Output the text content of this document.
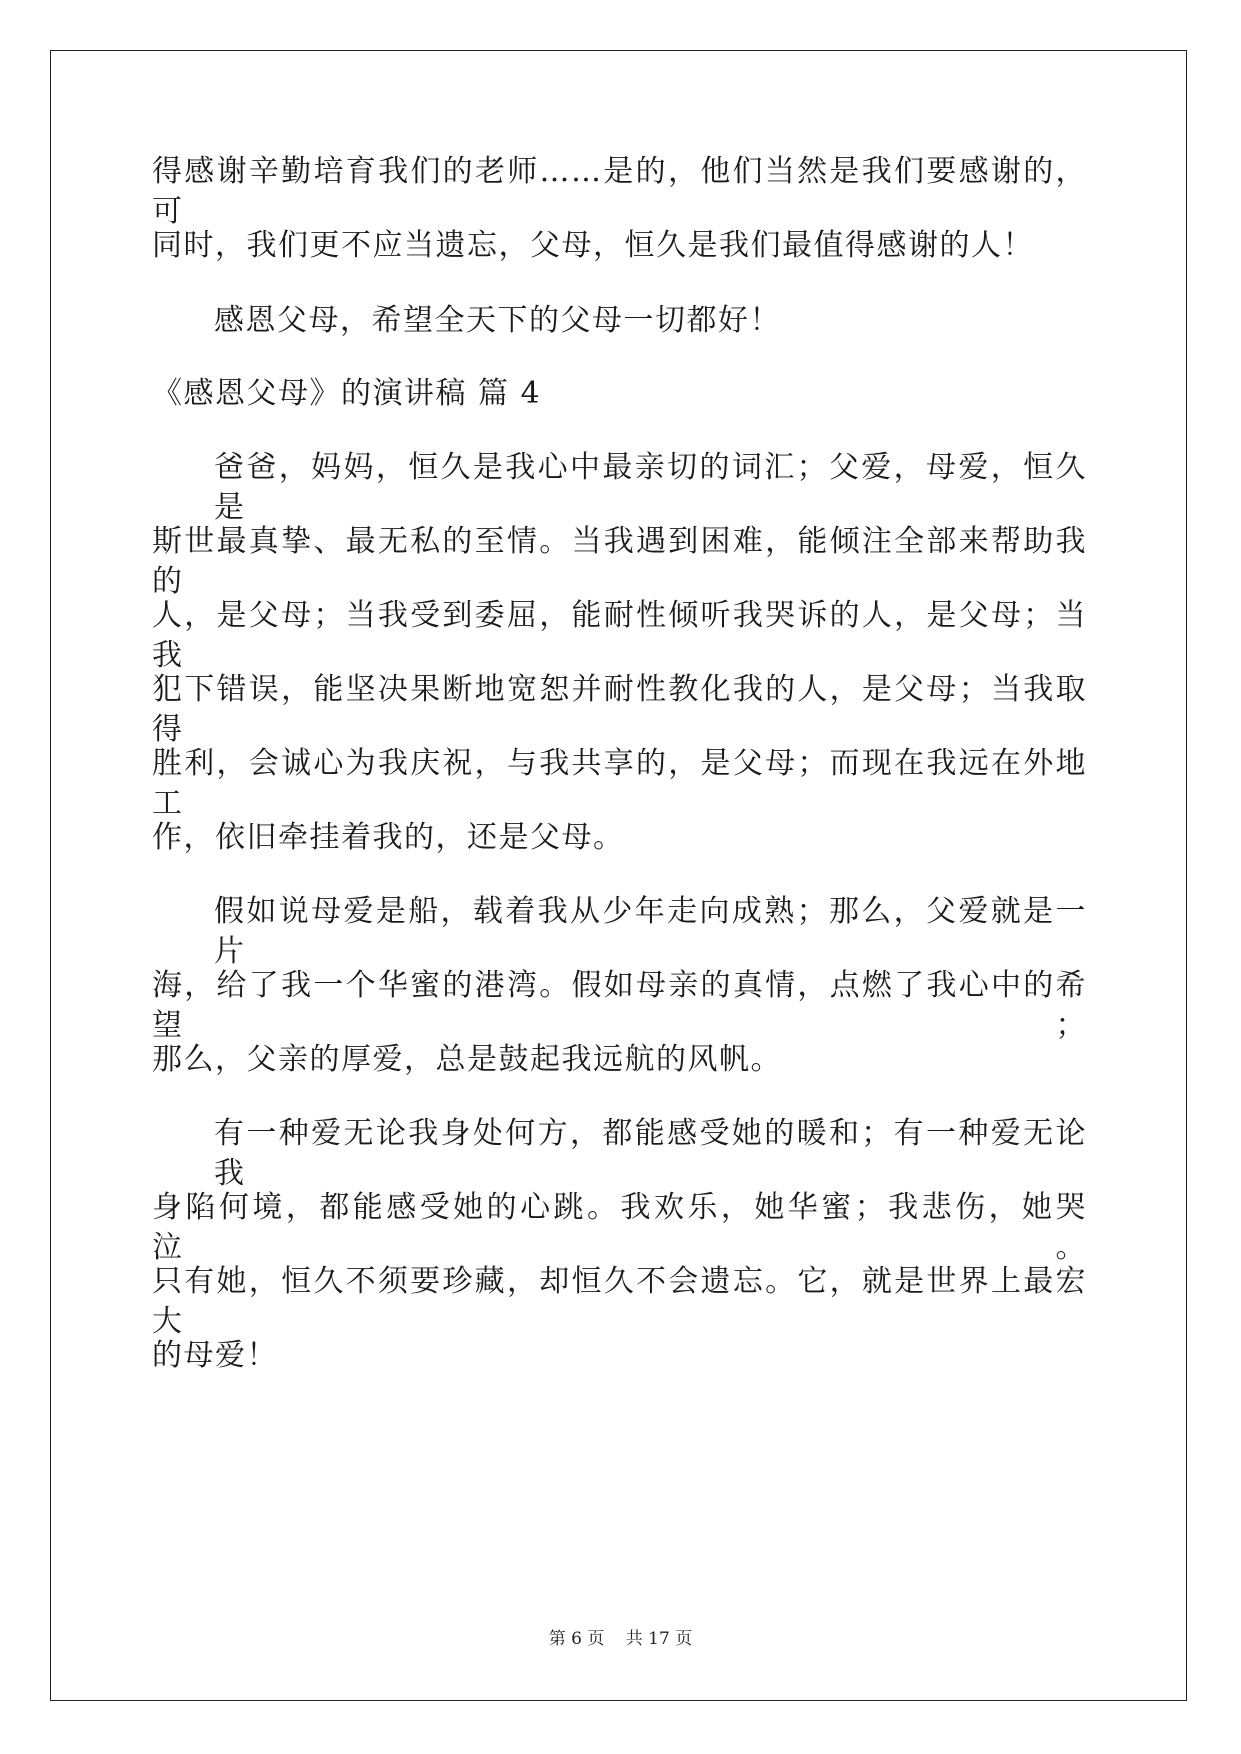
得感谢辛勤培育我们的老师……是的，他们当然是我们要感谢的，可
同时，我们更不应当遗忘，父母，恒久是我们最值得感谢的人！
感恩父母，希望全天下的父母一切都好！
《感恩父母》的演讲稿 篇 4
爸爸，妈妈，恒久是我心中最亲切的词汇；父爱，母爱，恒久是
斯世最真挚、最无私的至情。当我遇到困难，能倾注全部来帮助我的
人，是父母；当我受到委屈，能耐性倾听我哭诉的人，是父母；当我
犯下错误，能坚决果断地宽恕并耐性教化我的人，是父母；当我取得
胜利，会诚心为我庆祝，与我共享的，是父母；而现在我远在外地工
作，依旧牵挂着我的，还是父母。
假如说母爱是船，载着我从少年走向成熟；那么，父爱就是一片
海，给了我一个华蜜的港湾。假如母亲的真情，点燃了我心中的希望；
那么，父亲的厚爱，总是鼓起我远航的风帆。
有一种爱无论我身处何方，都能感受她的暖和；有一种爱无论我
身陷何境，都能感受她的心跳。我欢乐，她华蜜；我悲伤，她哭泣。
只有她，恒久不须要珍藏，却恒久不会遗忘。它，就是世界上最宏大
的母爱！
第 6 页 共 17 页
